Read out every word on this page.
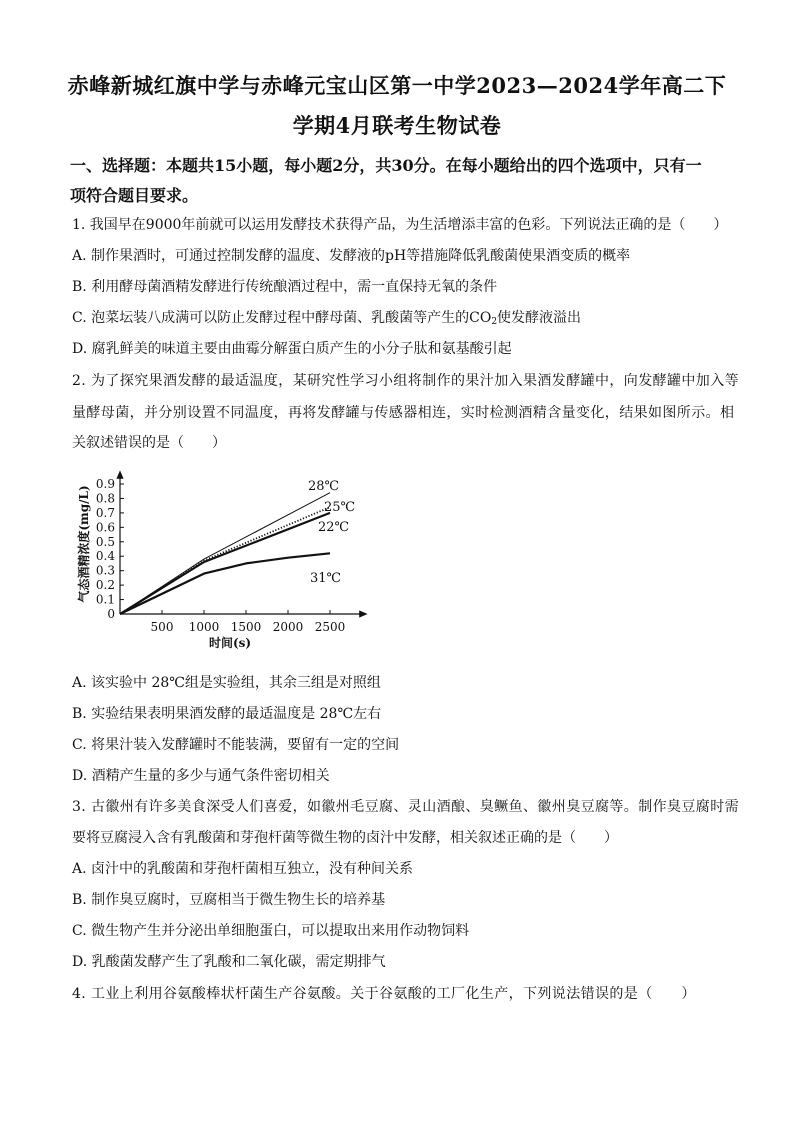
赤峰新城红旗中学与赤峰元宝山区第一中学2023—2024学年高二下
学期4月联考生物试卷
一、选择题：本题共15小题，每小题2分，共30分。在每小题给出的四个选项中，只有一
项符合题目要求。
1. 我国早在9000年前就可以运用发酵技术获得产品，为生活增添丰富的色彩。下列说法正确的是（　　）
A. 制作果酒时，可通过控制发酵的温度、发酵液的pH等措施降低乳酸菌使果酒变质的概率
B. 利用酵母菌酒精发酵进行传统酿酒过程中，需一直保持无氧的条件
C. 泡菜坛装八成满可以防止发酵过程中酵母菌、乳酸菌等产生的$CO_2$使发酵液溢出
D. 腐乳鲜美的味道主要由曲霉分解蛋白质产生的小分子肽和氨基酸引起
2. 为了探究果酒发酵的最适温度，某研究性学习小组将制作的果汁加入果酒发酵罐中，向发酵罐中加入等
量酵母菌，并分别设置不同温度，再将发酵罐与传感器相连，实时检测酒精含量变化，结果如图所示。相
关叙述错误的是（　　）
0
0.1
0.2
0.3
0.4
0.5
0.6
0.7
0.8
0.9
500 1000 1500 2000 2500
时间(s)
气态酒精浓度(mg/L)	28℃
25℃
22℃
31℃
A. 该实验中 28℃组是实验组，其余三组是对照组
B. 实验结果表明果酒发酵的最适温度是 28℃左右
C. 将果汁装入发酵罐时不能装满，要留有一定的空间
D. 酒精产生量的多少与通气条件密切相关
3. 古徽州有许多美食深受人们喜爱，如徽州毛豆腐、灵山酒酿、臭鳜鱼、徽州臭豆腐等。制作臭豆腐时需
要将豆腐浸入含有乳酸菌和芽孢杆菌等微生物的卤汁中发酵，相关叙述正确的是（　　）
A. 卤汁中的乳酸菌和芽孢杆菌相互独立，没有种间关系
B. 制作臭豆腐时，豆腐相当于微生物生长的培养基
C. 微生物产生并分泌出单细胞蛋白，可以提取出来用作动物饲料
D. 乳酸菌发酵产生了乳酸和二氧化碳，需定期排气
4. 工业上利用谷氨酸棒状杆菌生产谷氨酸。关于谷氨酸的工厂化生产，下列说法错误的是（　　）
